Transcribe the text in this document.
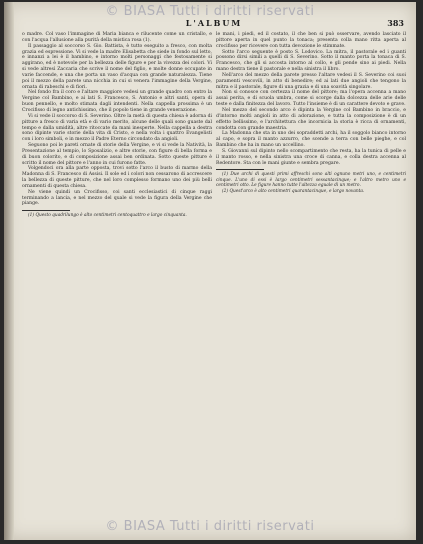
© BIASA Tutti i diritti riservati
L'ALBUM	383

o madre. Col vaso l'immagine di Maria bianca e rilucente come un cristallo, e con l'acqua l'allusione alla purità della mistica rosa (1).

Il passaggio al soccorso S. Gio. Battista, è tutto eseguito a fresco, con molta grazia ed espressione. Vi si vede la madre Elisabetta che siede in fondo sul letto, e innanzi a lei è il bambino, e intorno molti personaggi che festosamente si aggirano, ed è notevole per la bellezza delle figure e per la vivezza dei colori. Vi si vede altresì Zaccaria che scrive il nome del figlio, e molte donne occupate in varie faccende, e una che porta un vaso d'acqua con grande naturalezza. Tiene poi il mezzo della parete una nicchia in cui si venera l'immagine della Vergine, ornata di rabeschi e di fiori.

Nel fondo fra il coro e l'altare maggiore vedesi un grande quadro con entro la Vergine col Bambino, e ai lati S. Francesco, S. Antonio e altri santi, opera di buon pennello, e molto stimata dagli intendenti. Nella cappella prossima è un Crocifisso di legno antichissimo, che il popolo tiene in grande venerazione.

Vi si vede il soccorso di S. Severino. Oltre la metà di questa chiesa è adorna di pitture a fresco di varia età e di vario merito, alcune delle quali sono guaste dal tempo e dalla umidità, altre ritoccate da mani inesperte. Nella cappella a destra sono dipinte varie storie della vita di Cristo, e nella volta i quattro Evangelisti con i loro simboli, e in mezzo il Padre Eterno circondato da angioli.

Seguono poi le pareti ornate di storie della Vergine, e vi si vede la Natività, la Presentazione al tempio, lo Sposalizio, e altre storie, con figure di bella forma e di buon colorito, e di composizione assai ben ordinata. Sotto queste pitture è scritto il nome del pittore e l'anno in cui furono fatte.

Volgendoci ora alla parte opposta, trovi sotto l'arco il busto di marmo della Madonna di S. Francesco di Assisi. Il sole ed i colori non cessarono di accrescere la bellezza di queste pitture, che nel loro complesso formano uno dei più belli ornamenti di questa chiesa.

Ne viene quindi un Crocifisso, coi santi ecclesiastici di cinque raggi terminando a lancia, e nel mezzo del quale si vede la figura della Vergine che piange.

(1) Questo quadrilungo è alto centimetri centoquattro e largo cinquanta.

le mani, i piedi, ed il costato, il che ben si può osservare, avendo lasciato il pittore aperta in quel punto la tonaca; presenta colla mano ritta aperta al crocifisso per ricevere con tutta devozione le stimmate.

Sotto l'arco seguente è posto S. Lodovico. La mitra, il pastorale ed i guanti possono dirsi simili a quelli di S. Severino. Sotto il manto porta la tonaca di S. Francesco, che gli si accosta intorno al collo, e gli pende sino ai piedi. Nella mano destra tiene il pastorale e nella sinistra il libro.

Nell'arco del mezzo della parete presso l'altare vedesi il S. Severino coi suoi paramenti vescovili, in atto di benedire; ed ai lati due angioli che tengono la mitra e il pastorale, figure di una grazia e di una soavità singolare.

Non si conosce con certezza il nome del pittore; ma l'opera accenna a mano assai perita, e di scuola umbra, come si scorge dalla dolcezza delle arie delle teste e dalla finitezza del lavoro. Tutto l'insieme è di un carattere devoto e grave.

Nel mezzo del secondo arco è dipinta la Vergine col Bambino in braccio, e d'intorno molti angioli in atto di adorazione, e tutta la composizione è di un effetto bellissimo, e l'architettura che incornicia la storia è ricca di ornamenti, condotta con grande maestria.

La Madonna che sta in uno dei sopraddetti archi, ha il soggolo bianco intorno al capo, e sopra il manto azzurro, che scende a terra con belle pieghe, e col Bambino che ha in mano un uccellino.

S. Giovanni sul dipinto nello scompartimento che resta, ha la tunica di pelle e il manto rosso, e nella sinistra una croce di canna, e colla destra accenna al Redentore. Sta con le mani giunte e sembra pregare.

(1) Due archi di questi primi affreschi sono alti ognuno metri uno, e centimetri cinque. L'uno di essi è largo centimetri sessantacinque; e l'altro metro uno e centimetri otto. Le figure hanno tutte l'altezza eguale di un metro.

(2) Quest'arco è alto centimetri quarantacinque, e largo novanta.

© BIASA Tutti i diritti riservati
